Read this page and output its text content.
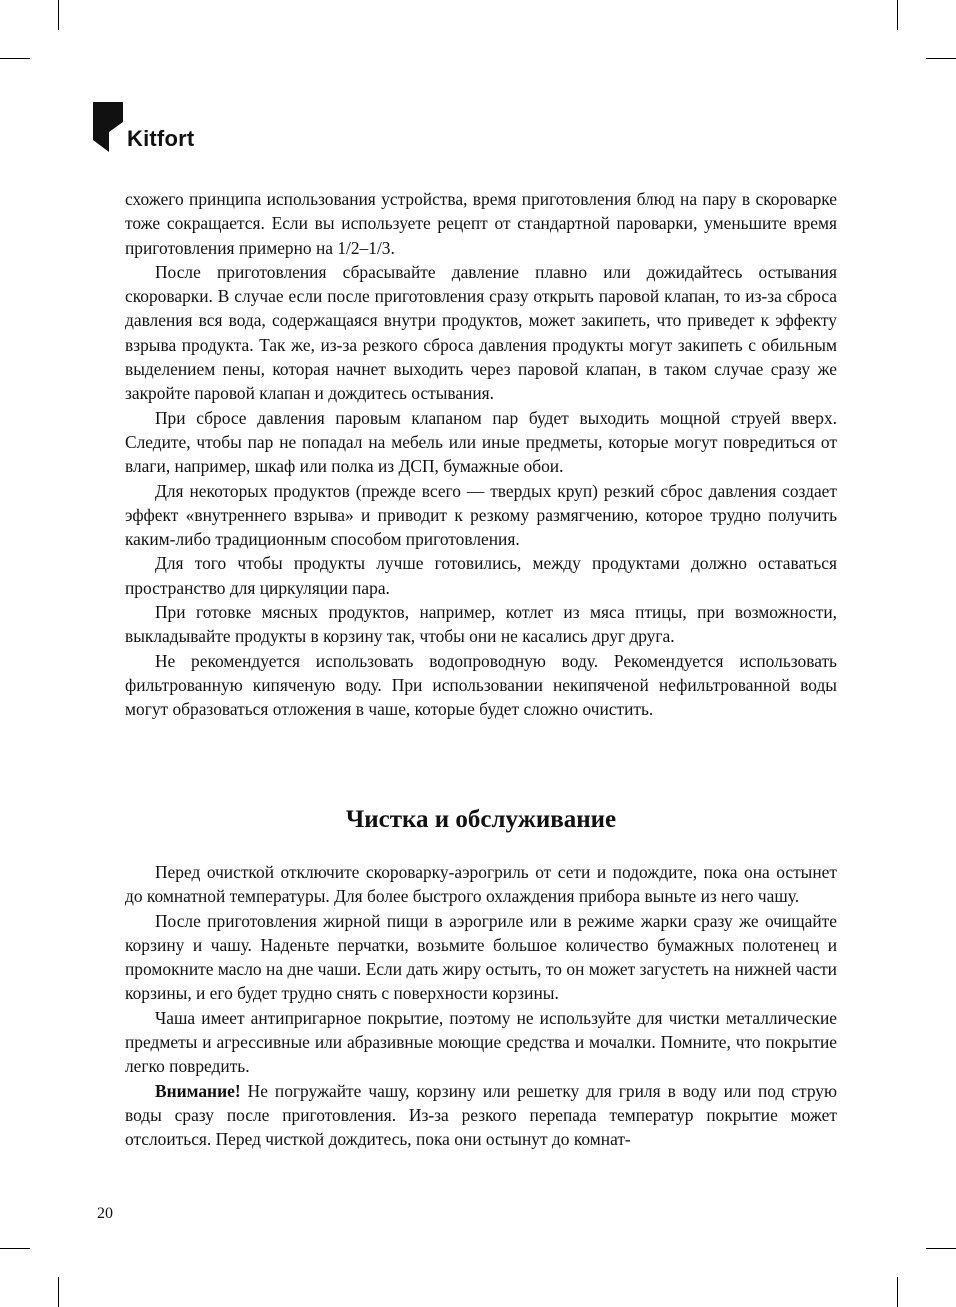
Kitfort

схожего принципа использования устройства, время приготовления блюд на пару в скороварке тоже сокращается. Если вы используете рецепт от стандартной пароварки, уменьшите время приготовления примерно на 1/2–1/3.

После приготовления сбрасывайте давление плавно или дожидайтесь остывания скороварки. В случае если после приготовления сразу открыть паровой клапан, то из-за сброса давления вся вода, содержащаяся внутри продуктов, может закипеть, что приведет к эффекту взрыва продукта. Так же, из-за резкого сброса давления продукты могут закипеть с обильным выделением пены, которая начнет выходить через паровой клапан, в таком случае сразу же закройте паровой клапан и дождитесь остывания.

При сбросе давления паровым клапаном пар будет выходить мощной струей вверх. Следите, чтобы пар не попадал на мебель или иные предметы, которые могут повредиться от влаги, например, шкаф или полка из ДСП, бумажные обои.

Для некоторых продуктов (прежде всего — твердых круп) резкий сброс давления создает эффект «внутреннего взрыва» и приводит к резкому размягчению, которое трудно получить каким-либо традиционным способом приготовления.

Для того чтобы продукты лучше готовились, между продуктами должно оставаться пространство для циркуляции пара.

При готовке мясных продуктов, например, котлет из мяса птицы, при возможности, выкладывайте продукты в корзину так, чтобы они не касались друг друга.

Не рекомендуется использовать водопроводную воду. Рекомендуется использовать фильтрованную кипяченую воду. При использовании некипяченой нефильтрованной воды могут образоваться отложения в чаше, которые будет сложно очистить.

Чистка и обслуживание

Перед очисткой отключите скороварку-аэрогриль от сети и подождите, пока она остынет до комнатной температуры. Для более быстрого охлаждения прибора выньте из него чашу.

После приготовления жирной пищи в аэрогриле или в режиме жарки сразу же очищайте корзину и чашу. Наденьте перчатки, возьмите большое количество бумажных полотенец и промокните масло на дне чаши. Если дать жиру остыть, то он может загустеть на нижней части корзины, и его будет трудно снять с поверхности корзины.

Чаша имеет антипригарное покрытие, поэтому не используйте для чистки металлические предметы и агрессивные или абразивные моющие средства и мочалки. Помните, что покрытие легко повредить.

Внимание! Не погружайте чашу, корзину или решетку для гриля в воду или под струю воды сразу после приготовления. Из-за резкого перепада температур покрытие может отслоиться. Перед чисткой дождитесь, пока они остынут до комнат-

20
